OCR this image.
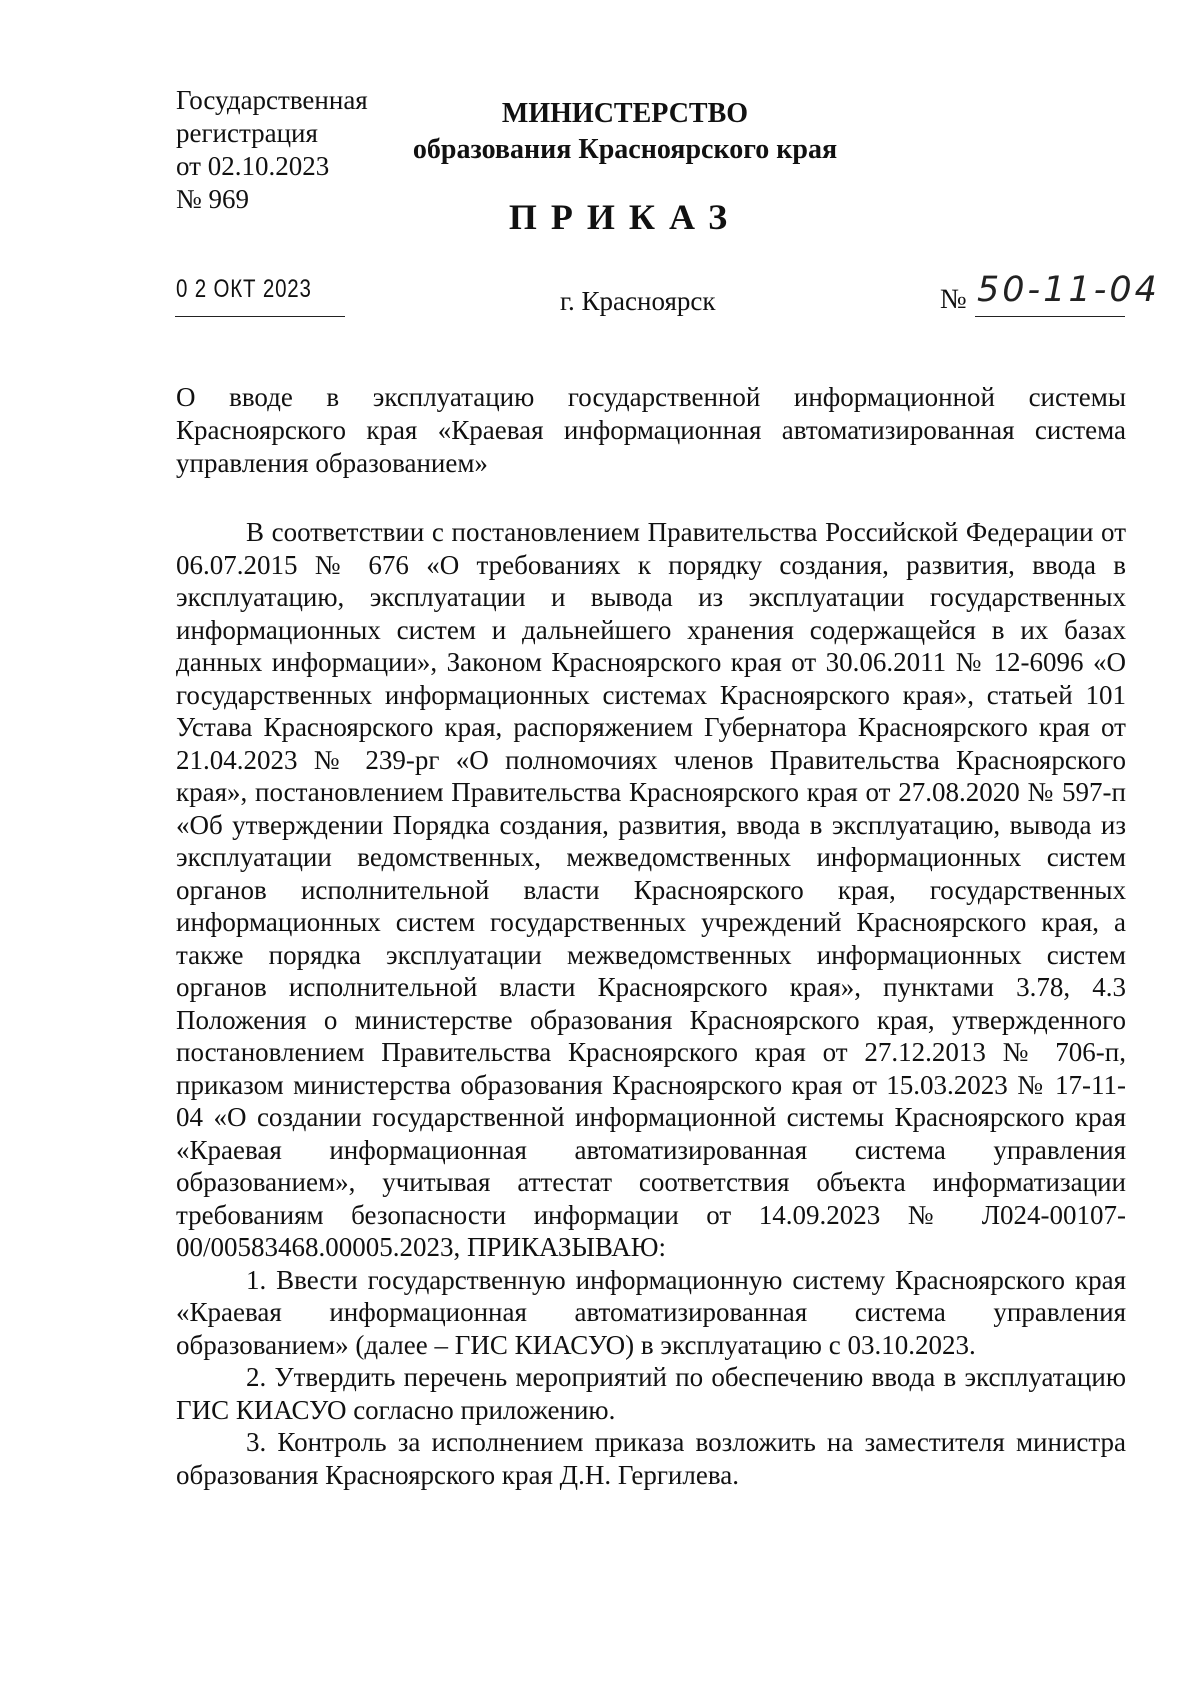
Государственная
регистрация
от 02.10.2023
№ 969
МИНИСТЕРСТВО
образования Красноярского края
ПРИКАЗ
0 2 ОКТ 2023	г. Красноярск	№ 50-11-04
О вводе в эксплуатацию государственной информационной системы Красноярского края «Краевая информационная автоматизированная система управления образованием»

В соответствии с постановлением Правительства Российской Федерации от 06.07.2015 № 676 «О требованиях к порядку создания, развития, ввода в эксплуатацию, эксплуатации и вывода из эксплуатации государственных информационных систем и дальнейшего хранения содержащейся в их базах данных информации», Законом Красноярского края от 30.06.2011 № 12-6096 «О государственных информационных системах Красноярского края», статьей 101 Устава Красноярского края, распоряжением Губернатора Красноярского края от 21.04.2023 № 239-рг «О полномочиях членов Правительства Красноярского края», постановлением Правительства Красноярского края от 27.08.2020 № 597-п «Об утверждении Порядка создания, развития, ввода в эксплуатацию, вывода из эксплуатации ведомственных, межведомственных информационных систем органов исполнительной власти Красноярского края, государственных информационных систем государственных учреждений Красноярского края, а также порядка эксплуатации межведомственных информационных систем органов исполнительной власти Красноярского края», пунктами 3.78, 4.3 Положения о министерстве образования Красноярского края, утвержденного постановлением Правительства Красноярского края от 27.12.2013 № 706-п, приказом министерства образования Красноярского края от 15.03.2023 № 17-11-04 «О создании государственной информационной системы Красноярского края «Краевая информационная автоматизированная система управления образованием», учитывая аттестат соответствия объекта информатизации требованиям безопасности информации от 14.09.2023 № Л024-00107-00/00583468.00005.2023, ПРИКАЗЫВАЮ:

1. Ввести государственную информационную систему Красноярского края «Краевая информационная автоматизированная система управления образованием» (далее – ГИС КИАСУО) в эксплуатацию с 03.10.2023.

2. Утвердить перечень мероприятий по обеспечению ввода в эксплуатацию ГИС КИАСУО согласно приложению.

3. Контроль за исполнением приказа возложить на заместителя министра образования Красноярского края Д.Н. Гергилева.
